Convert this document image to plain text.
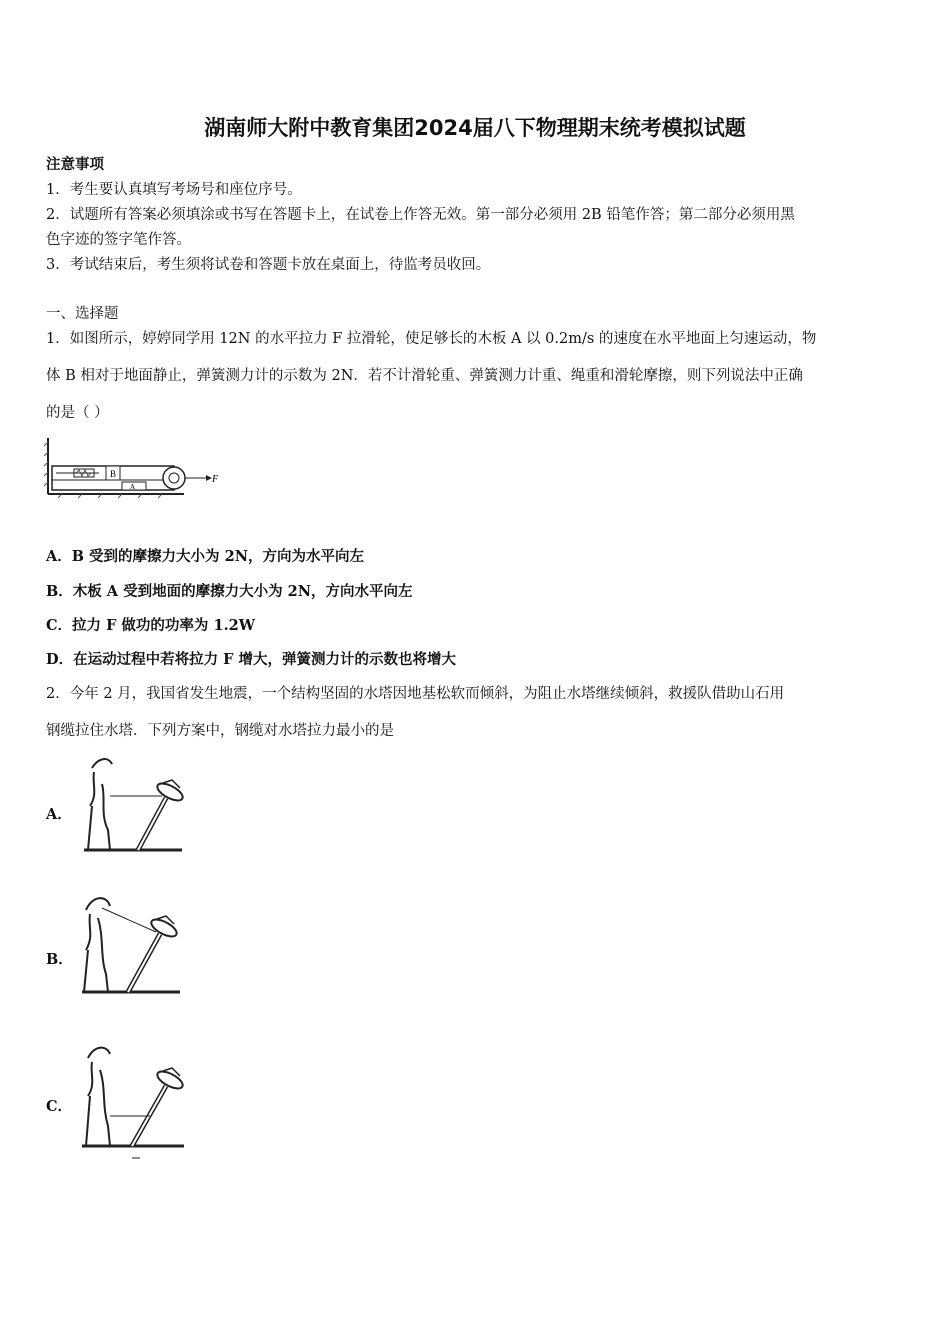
湖南师大附中教育集团2024届八下物理期末统考模拟试题
注意事项
1．考生要认真填写考场号和座位序号。
2．试题所有答案必须填涂或书写在答题卡上，在试卷上作答无效。第一部分必须用 2B 铅笔作答；第二部分必须用黑
色字迹的签字笔作答。
3．考试结束后，考生须将试卷和答题卡放在桌面上，待监考员收回。
一、选择题
1．如图所示，婷婷同学用 12N 的水平拉力 F 拉滑轮，使足够长的木板 A 以 0.2m/s 的速度在水平地面上匀速运动，物
体 B 相对于地面静止，弹簧测力计的示数为 2N．若不计滑轮重、弹簧测力计重、绳重和滑轮摩擦，则下列说法中正确
的是（ ）
B
A
F
A．B 受到的摩擦力大小为 2N，方向为水平向左
B．木板 A 受到地面的摩擦力大小为 2N，方向水平向左
C．拉力 F 做功的功率为 1.2W
D．在运动过程中若将拉力 F 增大，弹簧测力计的示数也将增大
2．今年 2 月，我国省发生地震，一个结构坚固的水塔因地基松软而倾斜，为阻止水塔继续倾斜，救援队借助山石用
钢缆拉住水塔．下列方案中，钢缆对水塔拉力最小的是
A．
B．
C．
